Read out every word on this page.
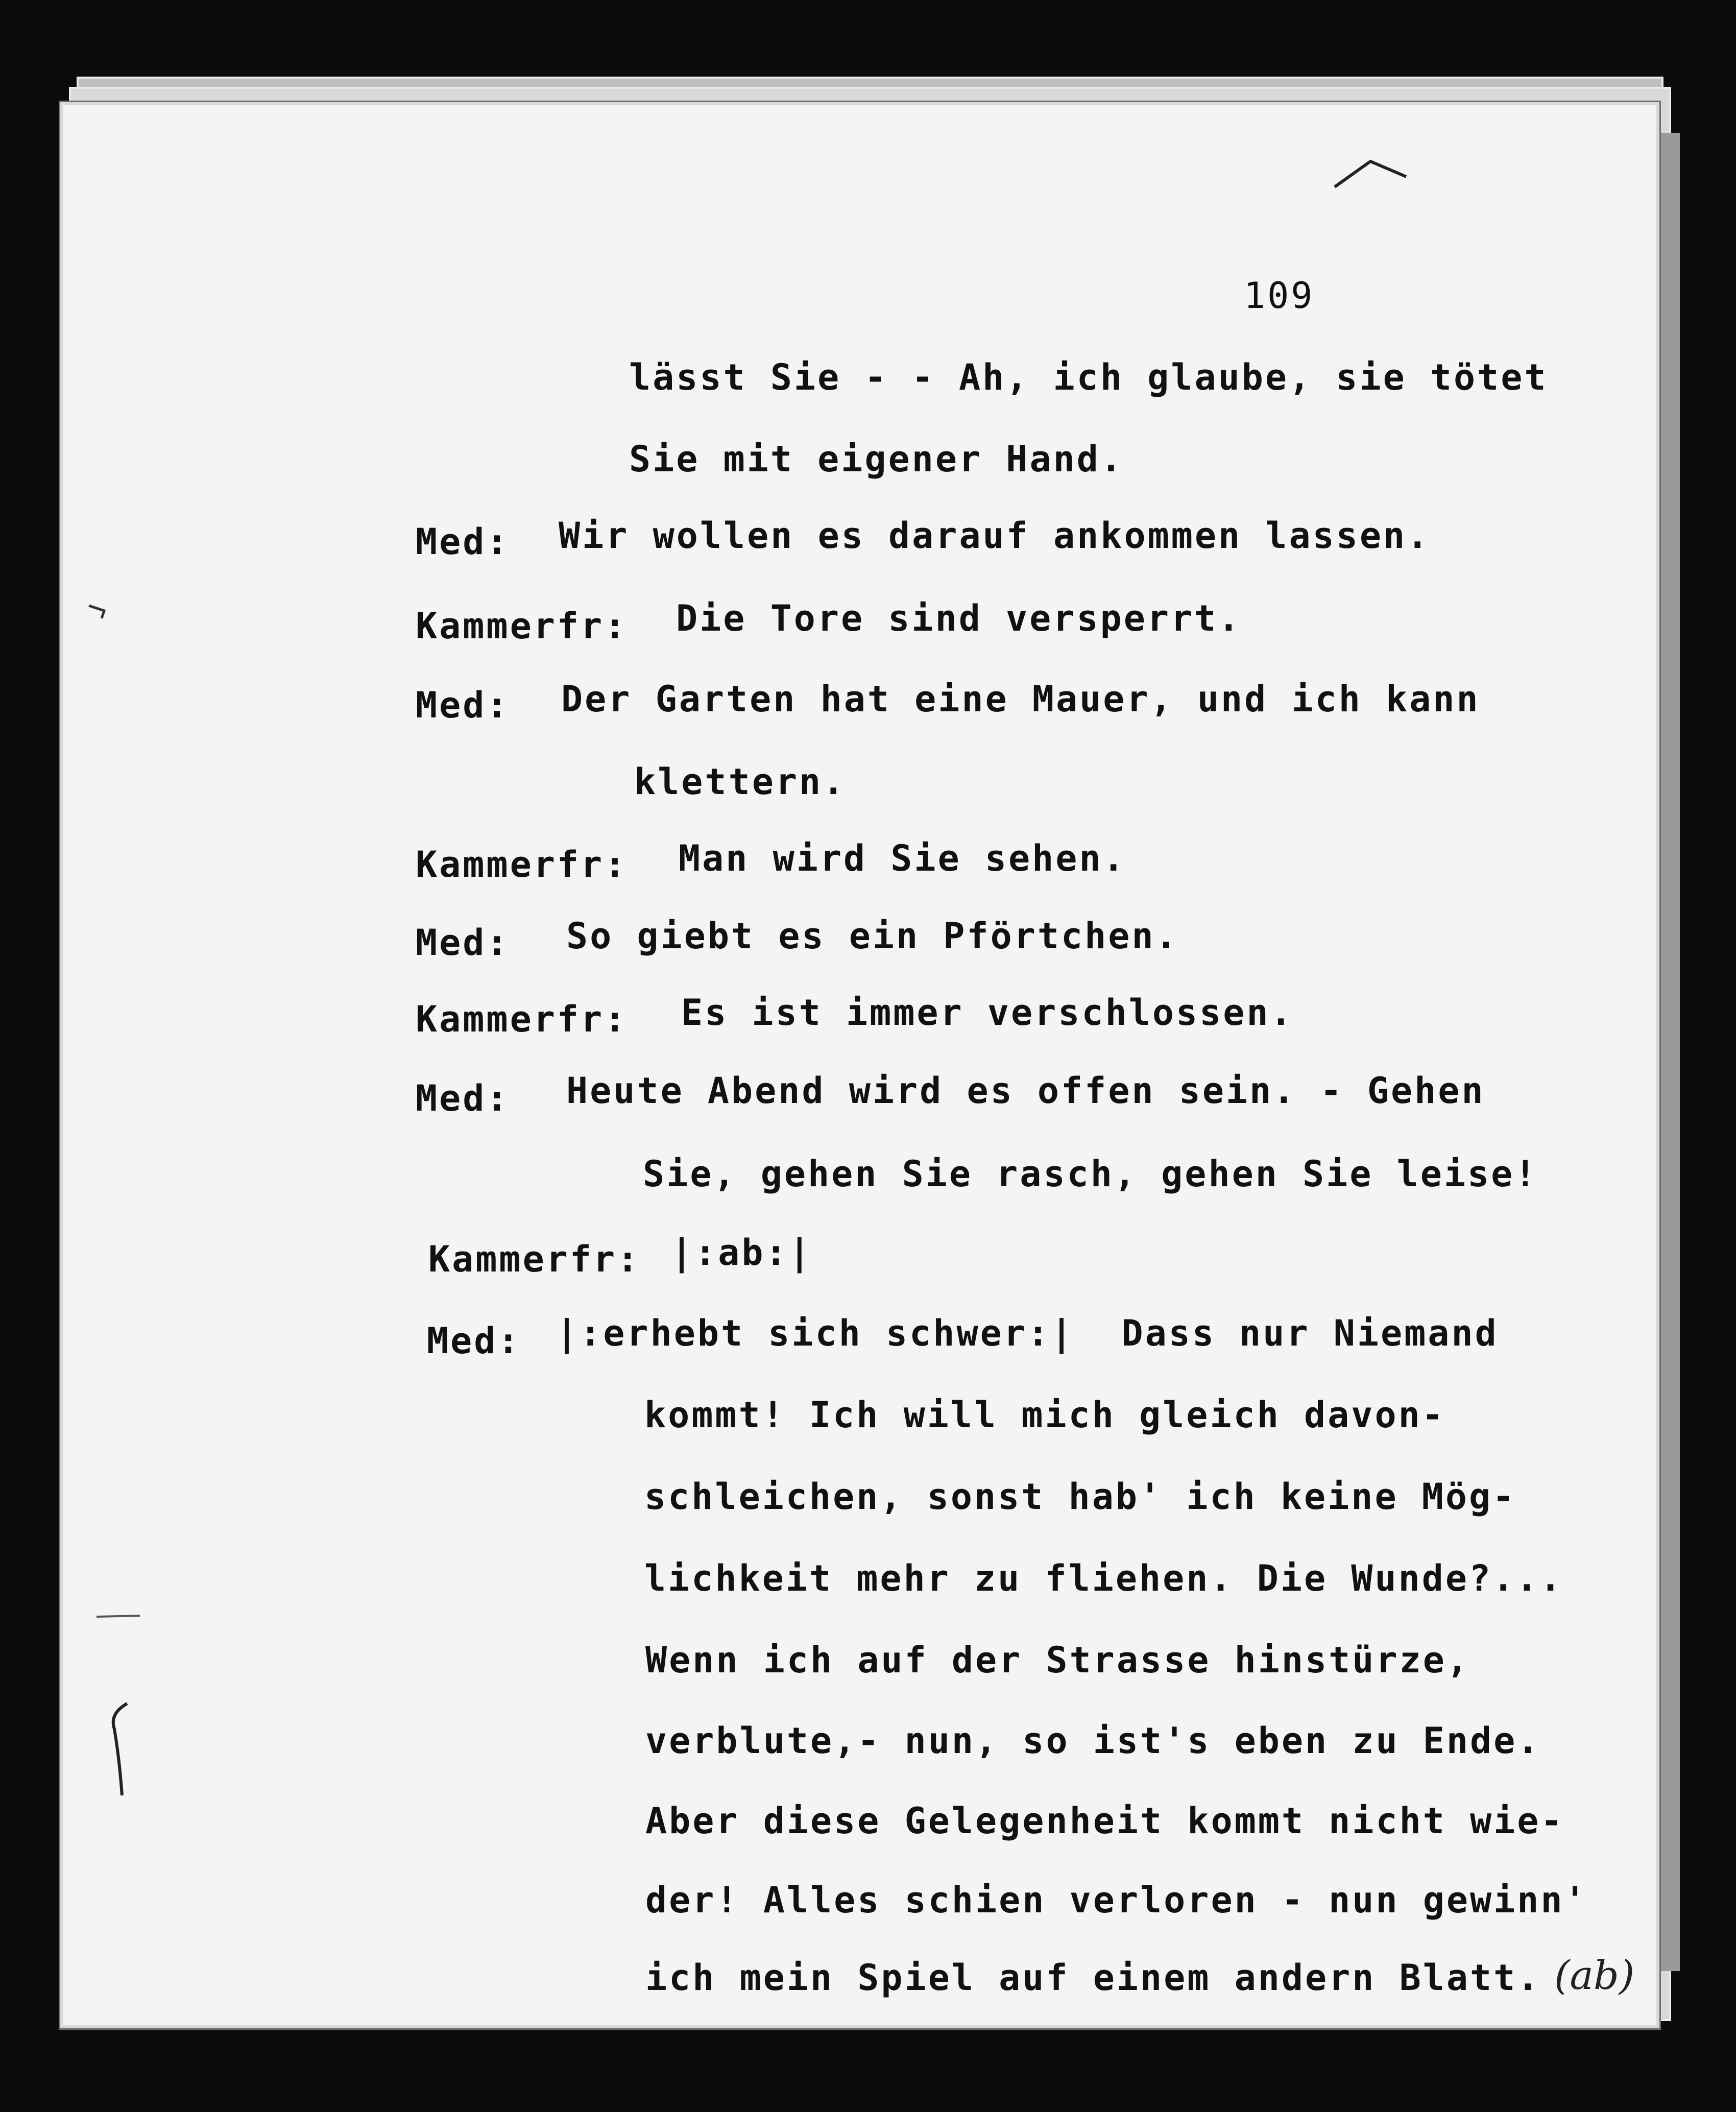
109
lässt Sie - - Ah, ich glaube, sie tötet
Sie mit eigener Hand.
Med: Wir wollen es darauf ankommen lassen.
Kammerfr: Die Tore sind versperrt.
Med: Der Garten hat eine Mauer, und ich kann
klettern.
Kammerfr: Man wird Sie sehen.
Med: So giebt es ein Pförtchen.
Kammerfr: Es ist immer verschlossen.
Med: Heute Abend wird es offen sein. - Gehen
Sie, gehen Sie rasch, gehen Sie leise!
Kammerfr: |:ab:|
Med: |:erhebt sich schwer:|  Dass nur Niemand
kommt! Ich will mich gleich davon-
schleichen, sonst hab' ich keine Mög-
lichkeit mehr zu fliehen. Die Wunde?...
Wenn ich auf der Strasse hinstürze,
verblute,- nun, so ist's eben zu Ende.
Aber diese Gelegenheit kommt nicht wie-
der! Alles schien verloren - nun gewinn'
ich mein Spiel auf einem andern Blatt. (ab)
